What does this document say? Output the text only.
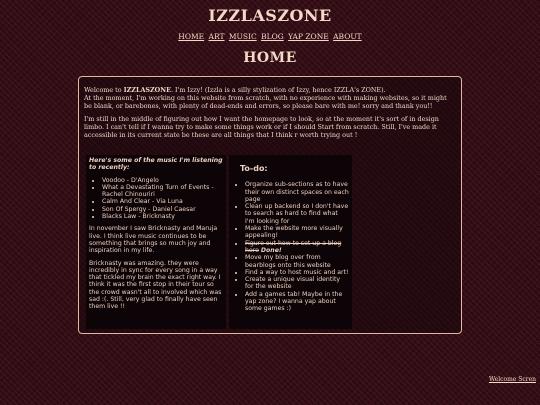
IZZLASZONE
HOME ART MUSIC BLOG YAP ZONE ABOUT
HOME

Welcome to IZZLASZONE. I'm Izzy! (Izzla is a silly stylization of Izzy, hence IZZLA's ZONE).
At the moment, I'm working on this website from scratch, with no experience with making websites, so it might be blank, or barebones, with plenty of dead-ends and errors, so please bare with me! sorry and thank you!!

I'm still in the middle of figuring out how I want the homepage to look, so at the moment it's sort of in design limbo. I can't tell if I wanna try to make some things work or if I should Start from scratch. Still, I've made it accessible in its current state be these are all things that I think r worth trying out !

Here's some of the music I'm listening to recently:
• Voodoo - D'Angelo
• What a Devastating Turn of Events - Rachel Chinouriri
• Calm And Clear - Via Luna
• Son Of Spergy - Daniel Caesar
• Blacks Law - Bricknasty

In november I saw Bricknasty and Maruja live. I think live music continues to be something that brings so much joy and inspiration in my life.

Bricknasty was amazing. they were incredibly in sync for every song in a way that tickled my brain the exact right way. I think it was the first stop in their tour so the crowd wasn't all to involved which was sad :(. Still, very glad to finally have seen them live !!

To-do:
• Organize sub-sections as to have their own distinct spaces on each page
• Clean up backend so I don't have to search as hard to find what I'm looking for
• Make the website more visually appealing!
• Figure out how to set up a blog here Done!
• Move my blog over from bearblogs onto this website
• Find a way to host music and art!
• Create a unique visual identity for the website
• Add a games tab! Maybe in the yap zone? I wanna yap about some games :)
Welcome Scren
